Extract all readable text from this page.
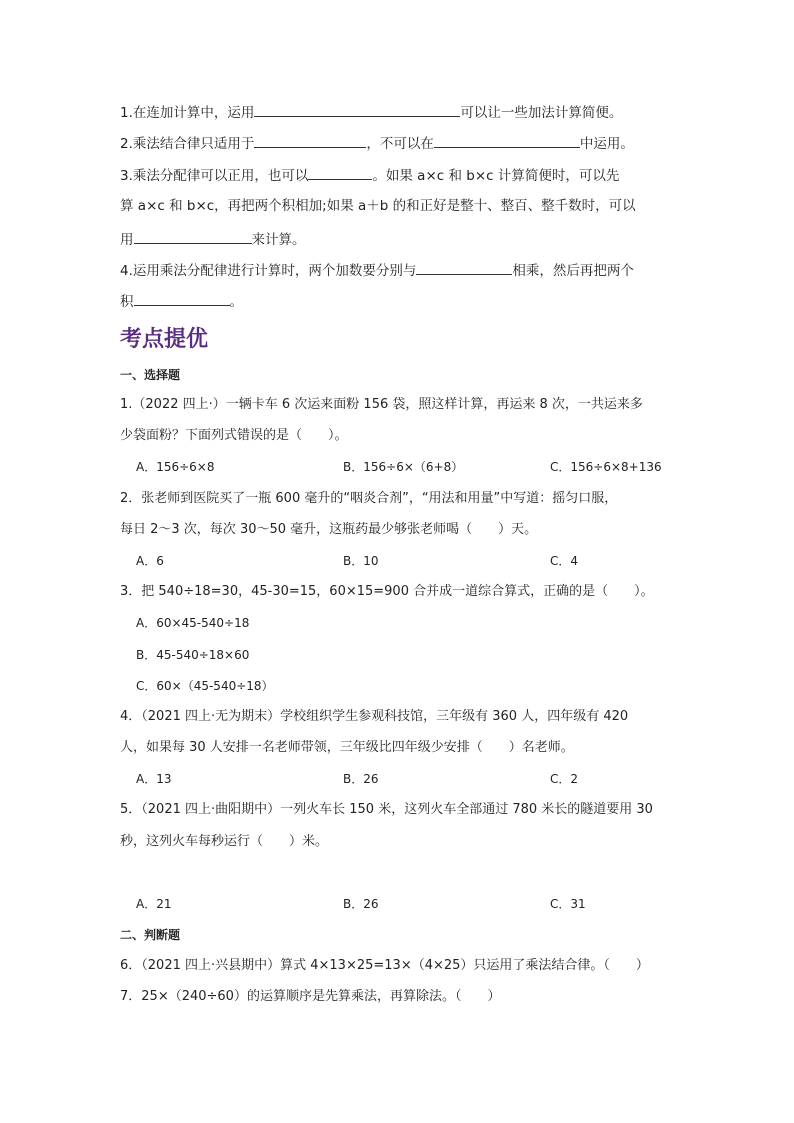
1.在连加计算中，运用	可以让一些加法计算简便。
2.乘法结合律只适用于	，不可以在	中运用。
3.乘法分配律可以正用，也可以	。如果 a×c 和 b×c 计算简便时，可以先
算 a×c 和 b×c，再把两个积相加;如果 a＋b 的和正好是整十、整百、整千数时，可以
用	来计算。
4.运用乘法分配律进行计算时，两个加数要分别与	相乘，然后再把两个
积	。
考点提优
一、选择题
1.（2022 四上·）一辆卡车 6 次运来面粉 156 袋，照这样计算，再运来 8 次，一共运来多
少袋面粉？下面列式错误的是（　　）。
A．156÷6×8	B．156÷6×（6+8）	C．156÷6×8+136
2．张老师到医院买了一瓶 600 毫升的“咽炎合剂”，“用法和用量”中写道：摇匀口服，
每日 2～3 次，每次 30～50 毫升，这瓶药最少够张老师喝（　　）天。
A．6	B．10	C．4
3．把 540÷18=30，45-30=15，60×15=900 合并成一道综合算式，正确的是（　　）。
A．60×45-540÷18
B．45-540÷18×60
C．60×（45-540÷18）
4．（2021 四上·无为期末）学校组织学生参观科技馆，三年级有 360 人，四年级有 420
人，如果每 30 人安排一名老师带领，三年级比四年级少安排（　　）名老师。
A．13	B．26	C．2
5．（2021 四上·曲阳期中）一列火车长 150 米，这列火车全部通过 780 米长的隧道要用 30
秒，这列火车每秒运行（　　）米。
A．21	B．26	C．31
二、判断题
6．（2021 四上·兴县期中）算式 4×13×25=13×（4×25）只运用了乘法结合律。（　　）
7．25×（240÷60）的运算顺序是先算乘法，再算除法。（　　）
